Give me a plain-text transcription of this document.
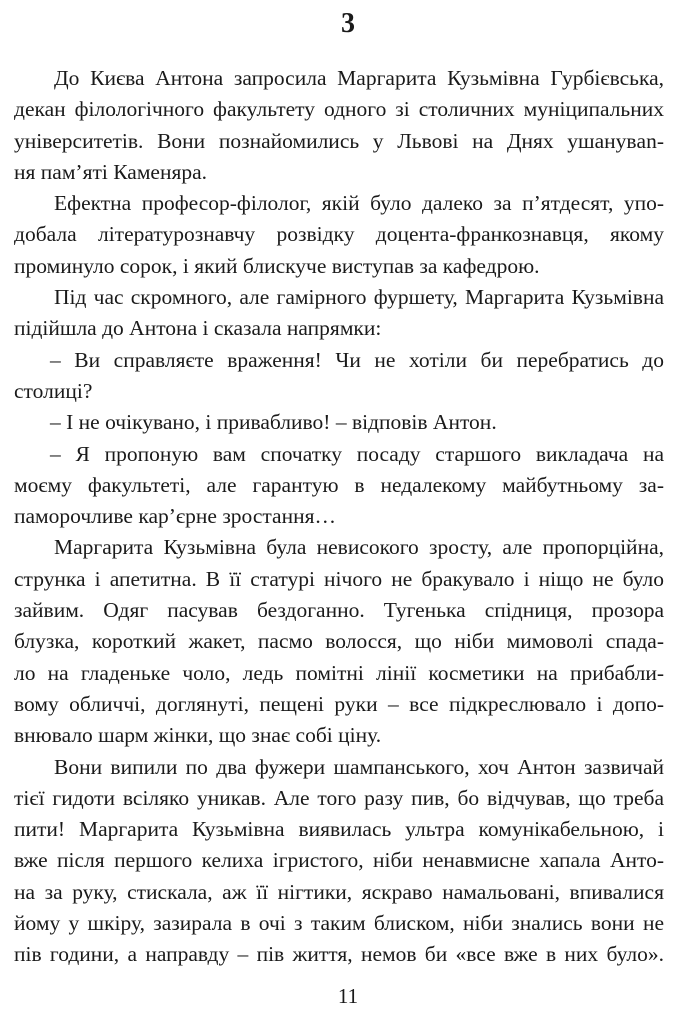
3
До Києва Антона запросила Маргарита Кузьмівна Гурбієвська,
декан філологічного факультету одного зі столичних муніципальних
університетів. Вони познайомились у Львові на Днях ушанувan-
ня пам’яті Каменяра.
Ефектна професор-філолог, якій було далеко за п’ятдесят, упо-
добала літературознавчу розвідку доцента-франкознавця, якому
проминуло сорок, і який блискуче виступав за кафедрою.
Під час скромного, але гамірного фуршету, Маргарита Кузьмівна
підійшла до Антона і сказала напрямки:
– Ви справляєте враження! Чи не хотіли би перебратись до
столиці?
– І не очікувано, і привабливо! – відповів Антон.
– Я пропоную вам спочатку посаду старшого викладача на
моєму факультеті, але гарантую в недалекому майбутньому за-
паморочливе кар’єрне зростання…
Маргарита Кузьмівна була невисокого зросту, але пропорційна,
струнка і апетитна. В її статурі нічого не бракувало і ніщо не було
зайвим. Одяг пасував бездоганно. Тугенька спідниця, прозора
блузка, короткий жакет, пасмо волосся, що ніби мимоволі спада-
ло на гладеньке чоло, ледь помітні лінії косметики на прибабли-
вому обличчі, доглянуті, пещені руки – все підкреслювало і допо-
внювало шарм жінки, що знає собі ціну.
Вони випили по два фужери шампанського, хоч Антон зазвичай
тієї гидоти всіляко уникав. Але того разу пив, бо відчував, що треба
пити! Маргарита Кузьмівна виявилась ультра комунікабельною, і
вже після першого келиха ігристого, ніби ненавмисне хапала Анто-
на за руку, стискала, аж її нігтики, яскраво намальовані, впивалися
йому у шкіру, зазирала в очі з таким блиском, ніби знались вони не
пів години, а направду – пів життя, немов би «все вже в них було».
11
